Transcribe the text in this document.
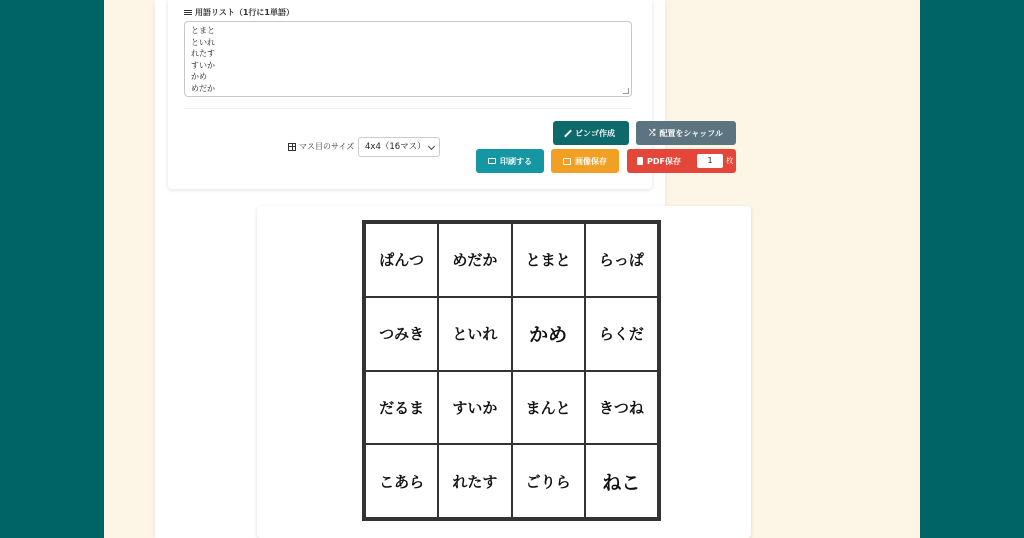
用語リスト（1行に1単語）
とまと
といれ
れたす
すいか
かめ
めだか
マス目のサイズ	4x4（16マス）
ビンゴ作成	⤮ 配置をシャッフル
印刷する	画像保存	PDF保存	1	枚
ぱんつ	めだか	とまと	らっぱ
つみき	といれ	かめ	らくだ
だるま	すいか	まんと	きつね
こあら	れたす	ごりら	ねこ
